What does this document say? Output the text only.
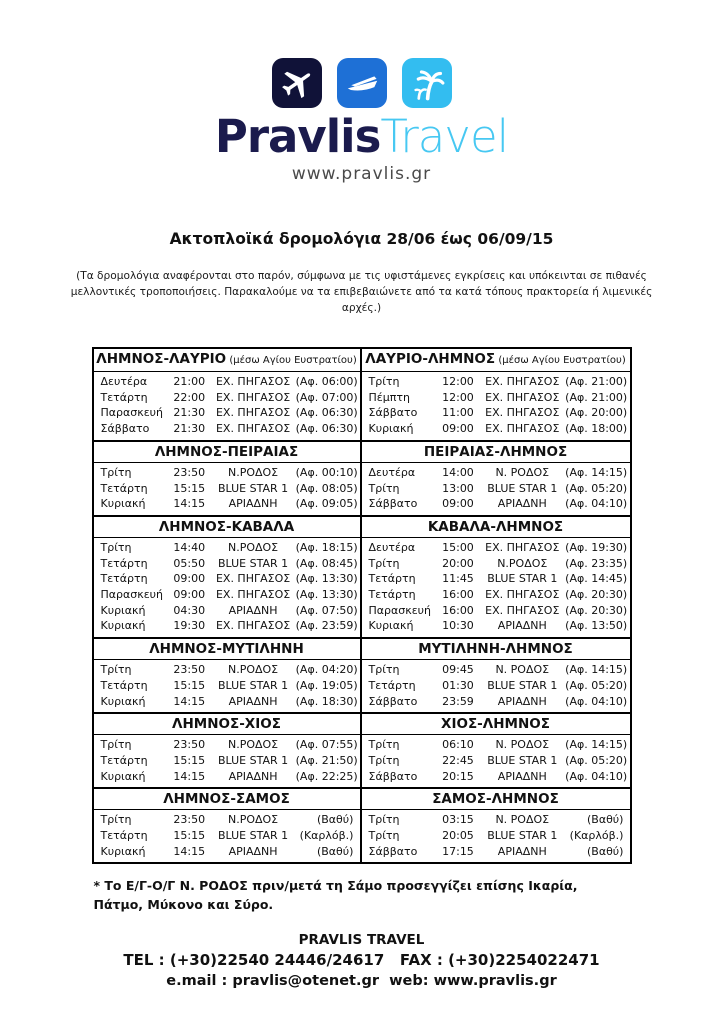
PravlisTravel
www.pravlis.gr
Ακτοπλοϊκά δρομολόγια 28/06 έως 06/09/15
(Τα δρομολόγια αναφέρονται στο παρόν, σύμφωνα με τις υφιστάμενες εγκρίσεις και υπόκεινται σε πιθανές μελλοντικές τροποποιήσεις. Παρακαλούμε να τα επιβεβαιώνετε από τα κατά τόπους πρακτορεία ή λιμενικές αρχές.)
ΛΗΜΝΟΣ-ΛΑΥΡΙΟ (μέσω Αγίου Ευστρατίου)
Δευτέρα	21:00 ΕΧ. ΠΗΓΑΣΟΣ (Αφ. 06:00)
Τετάρτη	22:00 ΕΧ. ΠΗΓΑΣΟΣ (Αφ. 07:00)
Παρασκευή 21:30 ΕΧ. ΠΗΓΑΣΟΣ (Αφ. 06:30)
Σάββατο	21:30 ΕΧ. ΠΗΓΑΣΟΣ (Αφ. 06:30)
ΛΑΥΡΙΟ-ΛΗΜΝΟΣ (μέσω Αγίου Ευστρατίου)
Τρίτη	12:00	ΕΧ. ΠΗΓΑΣΟΣ (Αφ. 21:00)
Πέμπτη	12:00	ΕΧ. ΠΗΓΑΣΟΣ (Αφ. 21:00)
Σάββατο	11:00	ΕΧ. ΠΗΓΑΣΟΣ (Αφ. 20:00)
Κυριακή	09:00	ΕΧ. ΠΗΓΑΣΟΣ (Αφ. 18:00)
ΛΗΜΝΟΣ-ΠΕΙΡΑΙΑΣ
Τρίτη	23:50	Ν.ΡΟΔΟΣ	(Αφ. 00:10)
Τετάρτη	15:15	BLUE STAR 1 (Αφ. 08:05)
Κυριακή	14:15	ΑΡΙΑΔΝΗ	(Αφ. 09:05)
ΠΕΙΡΑΙΑΣ-ΛΗΜΝΟΣ
Δευτέρα	14:00	Ν. ΡΟΔΟΣ	(Αφ. 14:15)
Τρίτη	13:00	BLUE STAR 1 (Αφ. 05:20)
Σάββατο	09:00	ΑΡΙΑΔΝΗ	(Αφ. 04:10)
ΛΗΜΝΟΣ-ΚΑΒΑΛΑ
Τρίτη	14:40	Ν.ΡΟΔΟΣ	(Αφ. 18:15)
Τετάρτη	05:50	BLUE STAR 1 (Αφ. 08:45)
Τετάρτη	09:00 ΕΧ. ΠΗΓΑΣΟΣ (Αφ. 13:30)
Παρασκευή 09:00 ΕΧ. ΠΗΓΑΣΟΣ (Αφ. 13:30)
Κυριακή	04:30	ΑΡΙΑΔΝΗ	(Αφ. 07:50)
Κυριακή	19:30 ΕΧ. ΠΗΓΑΣΟΣ (Αφ. 23:59)
ΚΑΒΑΛΑ-ΛΗΜΝΟΣ
Δευτέρα	15:00	ΕΧ. ΠΗΓΑΣΟΣ (Αφ. 19:30)
Τρίτη	20:00	Ν.ΡΟΔΟΣ	(Αφ. 23:35)
Τετάρτη	11:45	BLUE STAR 1 (Αφ. 14:45)
Τετάρτη	16:00	ΕΧ. ΠΗΓΑΣΟΣ (Αφ. 20:30)
Παρασκευή	16:00	ΕΧ. ΠΗΓΑΣΟΣ (Αφ. 20:30)
Κυριακή	10:30	ΑΡΙΑΔΝΗ	(Αφ. 13:50)
ΛΗΜΝΟΣ-ΜΥΤΙΛΗΝΗ
Τρίτη	23:50	Ν.ΡΟΔΟΣ	(Αφ. 04:20)
Τετάρτη	15:15	BLUE STAR 1 (Αφ. 19:05)
Κυριακή	14:15	ΑΡΙΑΔΝΗ	(Αφ. 18:30)
ΜΥΤΙΛΗΝΗ-ΛΗΜΝΟΣ
Τρίτη	09:45	Ν. ΡΟΔΟΣ	(Αφ. 14:15)
Τετάρτη	01:30	BLUE STAR 1 (Αφ. 05:20)
Σάββατο	23:59	ΑΡΙΑΔΝΗ	(Αφ. 04:10)
ΛΗΜΝΟΣ-ΧΙΟΣ
Τρίτη	23:50	Ν.ΡΟΔΟΣ	(Αφ. 07:55)
Τετάρτη	15:15	BLUE STAR 1 (Αφ. 21:50)
Κυριακή	14:15	ΑΡΙΑΔΝΗ	(Αφ. 22:25)
ΧΙΟΣ-ΛΗΜΝΟΣ
Τρίτη	06:10	Ν. ΡΟΔΟΣ	(Αφ. 14:15)
Τρίτη	22:45	BLUE STAR 1 (Αφ. 05:20)
Σάββατο	20:15	ΑΡΙΑΔΝΗ	(Αφ. 04:10)
ΛΗΜΝΟΣ-ΣΑΜΟΣ
Τρίτη	23:50	Ν.ΡΟΔΟΣ	(Βαθύ)
Τετάρτη	15:15	BLUE STAR 1	(Καρλόβ.)
Κυριακή	14:15	ΑΡΙΑΔΝΗ	(Βαθύ)
ΣΑΜΟΣ-ΛΗΜΝΟΣ
Τρίτη	03:15	Ν. ΡΟΔΟΣ	(Βαθύ)
Τρίτη	20:05	BLUE STAR 1	(Καρλόβ.)
Σάββατο	17:15	ΑΡΙΑΔΝΗ	(Βαθύ)
* Το Ε/Γ-Ο/Γ Ν. ΡΟΔΟΣ πριν/μετά τη Σάμο προσεγγίζει επίσης Ικαρία, Πάτμο, Μύκονο και Σύρο.
PRAVLIS TRAVEL
TEL : (+30)22540 24446/24617   FAX : (+30)2254022471
e.mail : pravlis@otenet.gr  web: www.pravlis.gr
